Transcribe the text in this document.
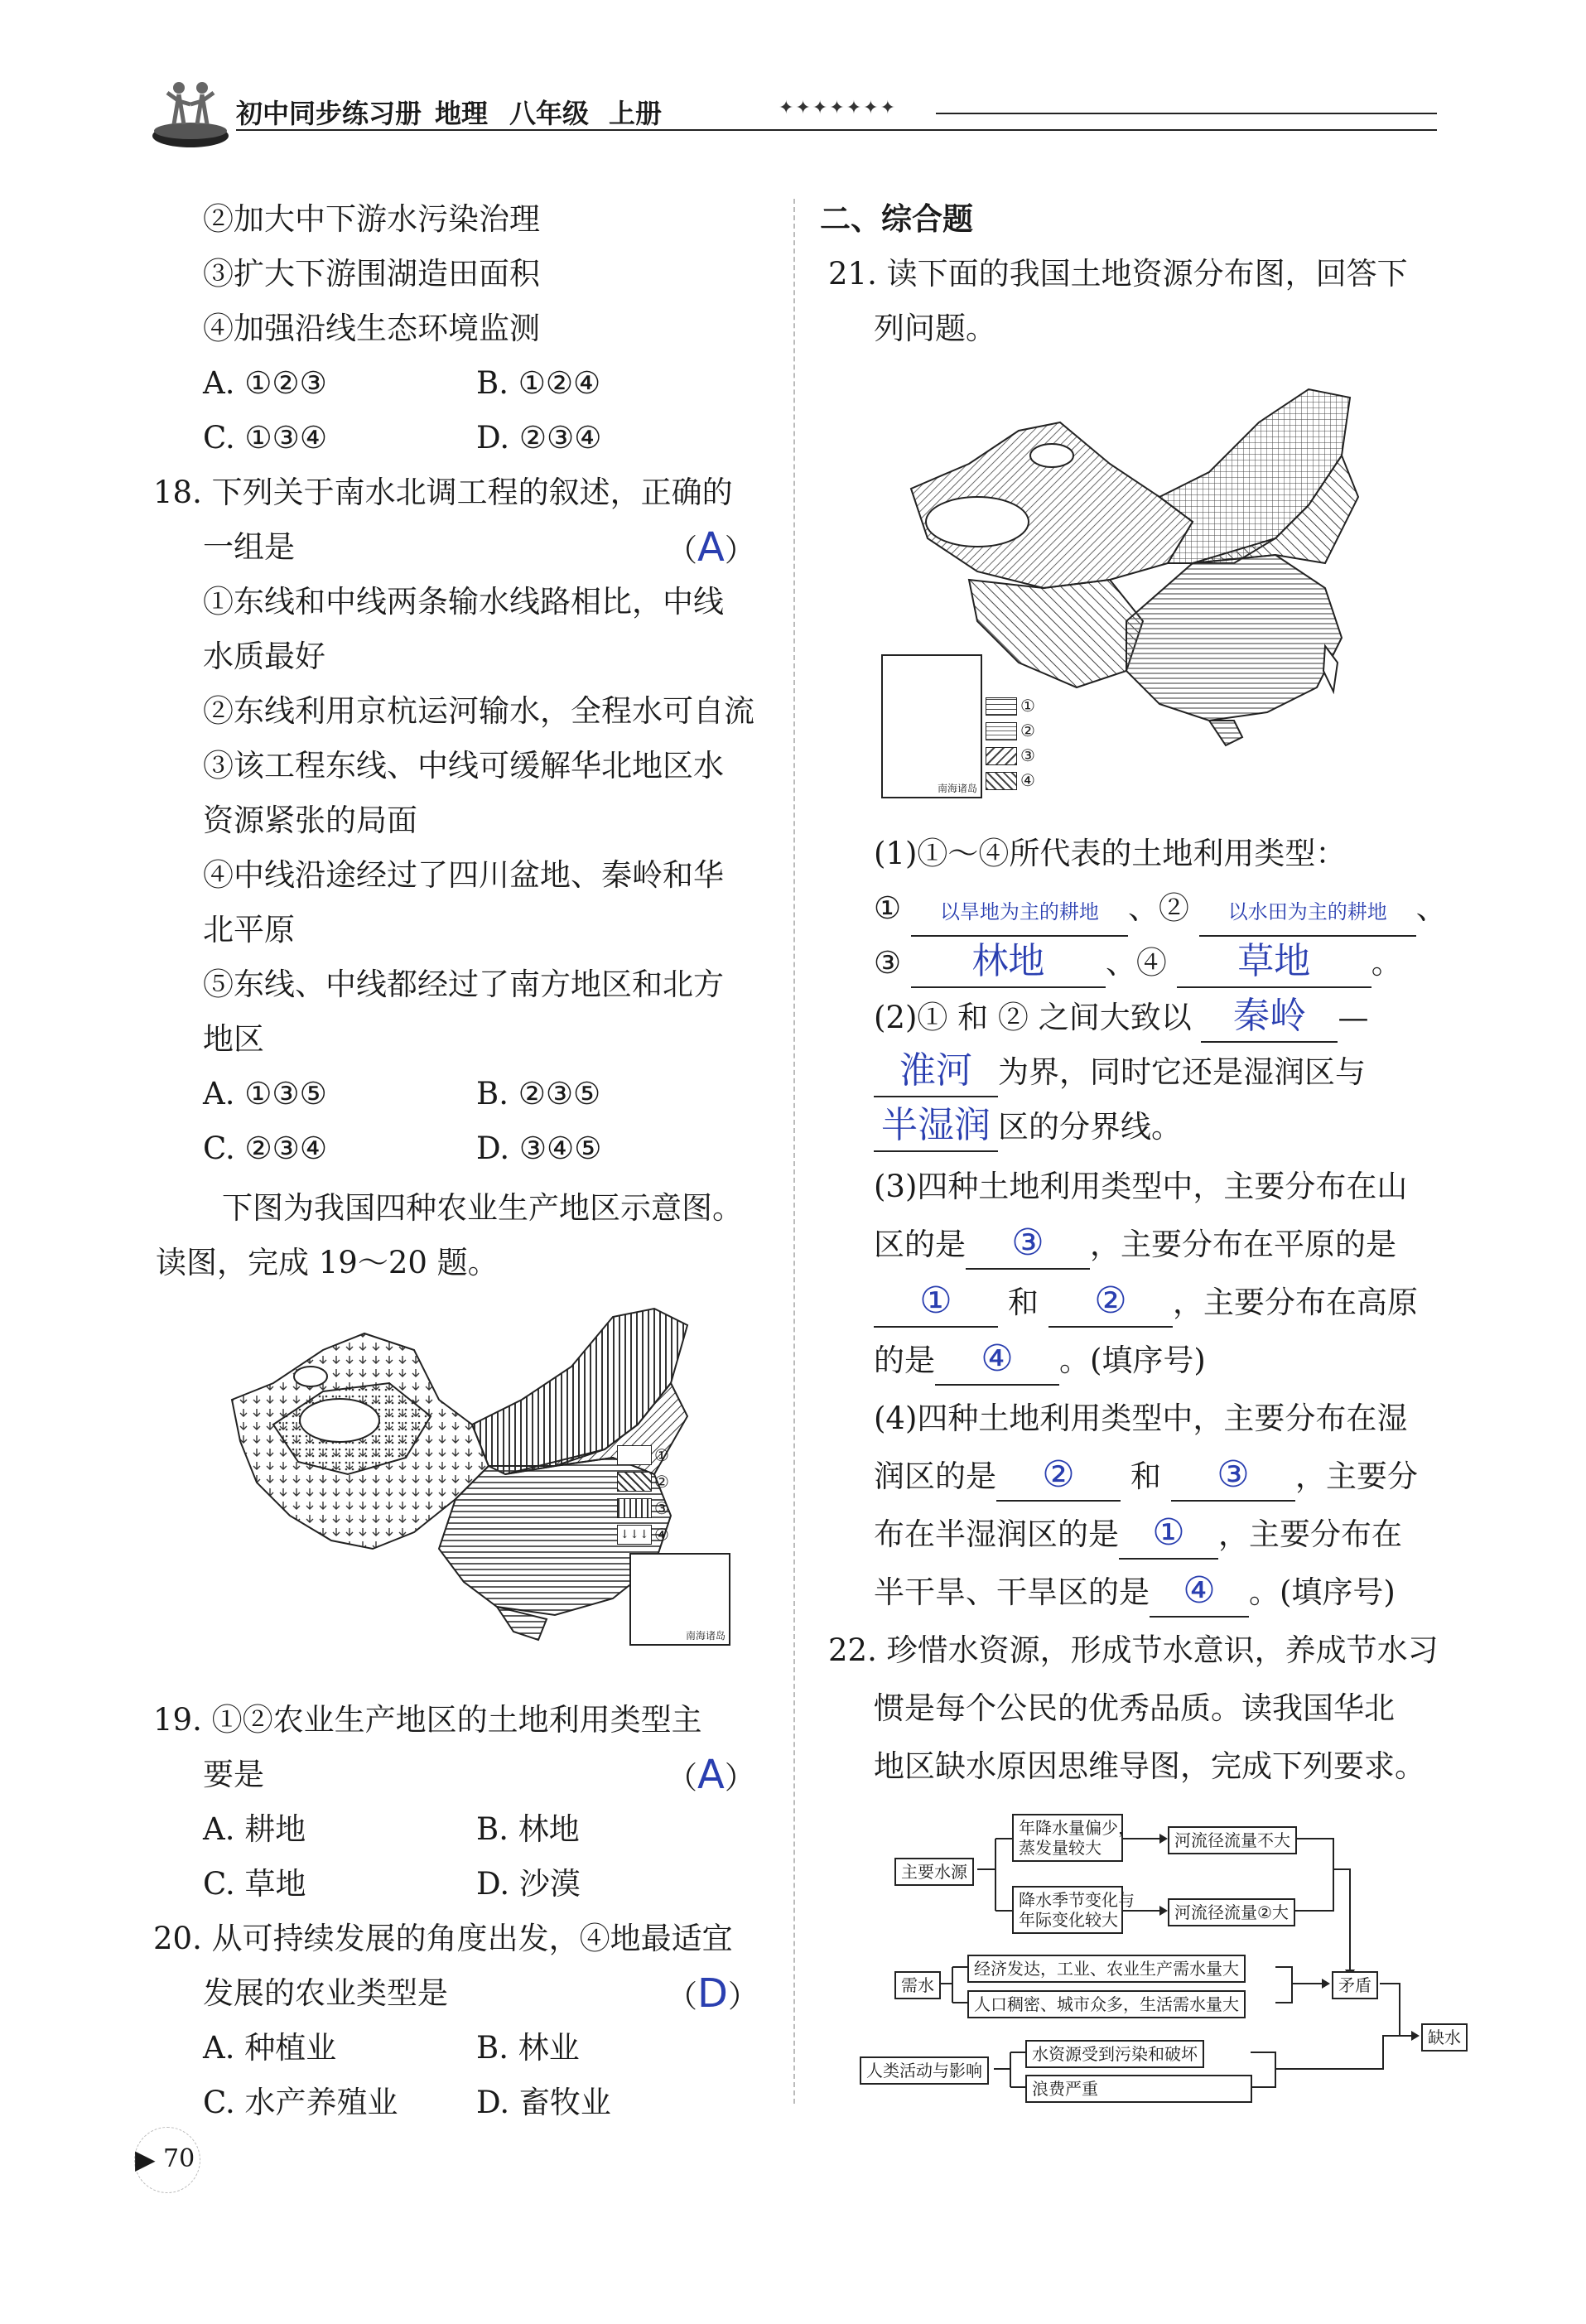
初中同步练习册 地理 八年级 上册	✦✦✦✦✦✦✦
②加大中下游水污染治理
③扩大下游围湖造田面积
④加强沿线生态环境监测
A. ①②③	B. ①②④
C. ①③④	D. ②③④
18. 下列关于南水北调工程的叙述，正确的
一组是	（A）
①东线和中线两条输水线路相比，中线
水质最好
②东线利用京杭运河输水，全程水可自流
③该工程东线、中线可缓解华北地区水
资源紧张的局面
④中线沿途经过了四川盆地、秦岭和华
北平原
⑤东线、中线都经过了南方地区和北方
地区
A. ①③⑤	B. ②③⑤
C. ②③④	D. ③④⑤
下图为我国四种农业生产地区示意图。
读图，完成 19～20 题。
①
②
③
↓↓↓ ④
南海诸岛
19. ①②农业生产地区的土地利用类型主
要是	（A）
A. 耕地	B. 林地
C. 草地	D. 沙漠
20. 从可持续发展的角度出发，④地最适宜
发展的农业类型是	（D）
A. 种植业	B. 林业
C. 水产养殖业	D. 畜牧业
▶ 70
二、综合题
21. 读下面的我国土地资源分布图，回答下
列问题。
南海诸岛
①
②
③
④
(1)①～④所代表的土地利用类型：
① 以旱地为主的耕地 、② 以水田为主的耕地 、
③ 林地 、④ 草地 。
(2)① 和 ② 之间大致以 秦岭 —
淮河 为界，同时它还是湿润区与
半湿润 区的分界线。
(3)四种土地利用类型中，主要分布在山
区的是 ③ ，主要分布在平原的是
① 和 ② ，主要分布在高原
的是 ④ 。(填序号)
(4)四种土地利用类型中，主要分布在湿
润区的是 ② 和 ③ ，主要分
布在半湿润区的是 ① ，主要分布在
半干旱、干旱区的是 ④ 。(填序号)
22. 珍惜水资源，形成节水意识，养成节水习
惯是每个公民的优秀品质。读我国华北
地区缺水原因思维导图，完成下列要求。
主要水源
年降水量偏少，
蒸发量较大	河流径流量不大
降水季节变化与
年际变化较大	河流径流量②大
需水
经济发达，工业、农业生产需水量大
人口稠密、城市众多，生活需水量大
矛盾
缺水
人类活动与影响
水资源受到污染和破坏
浪费严重
